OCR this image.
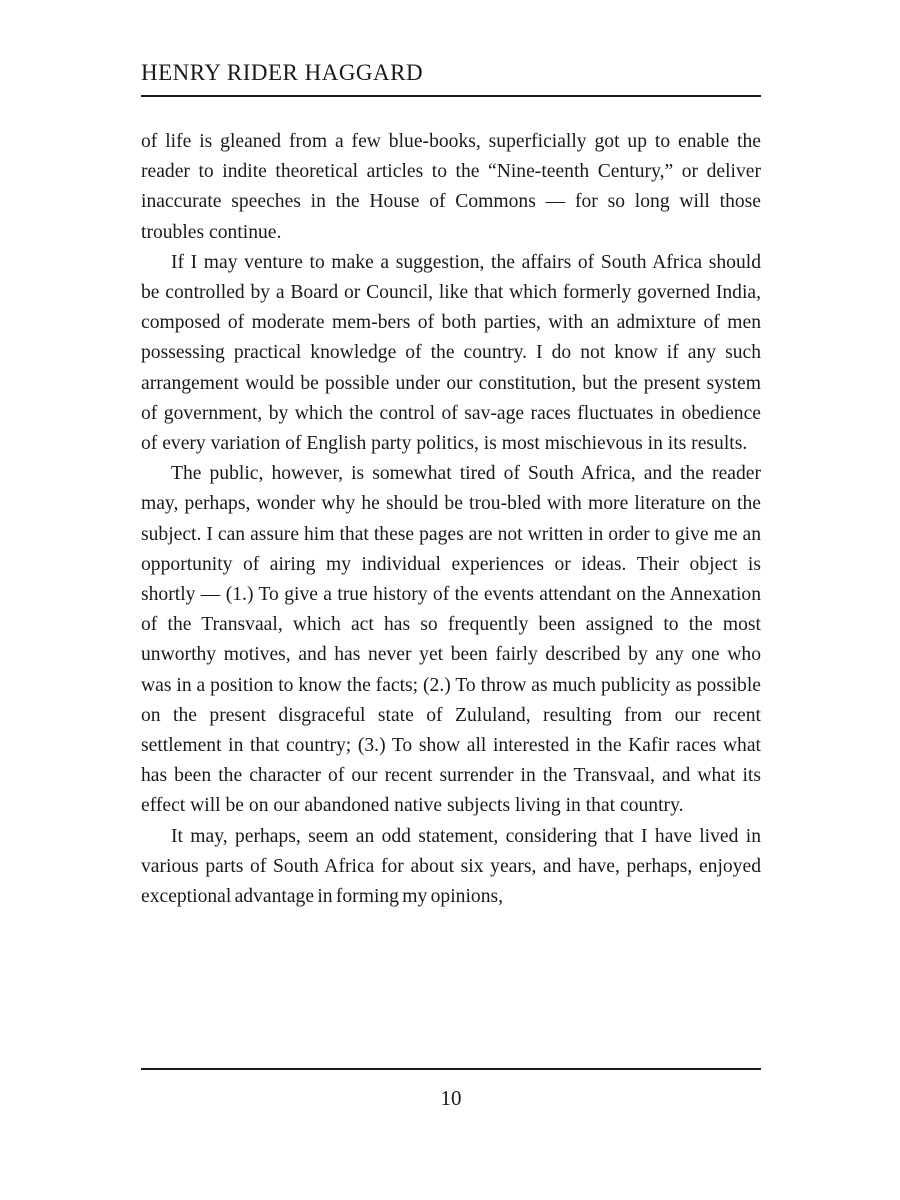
HENRY RIDER HAGGARD

of life is gleaned from a few blue-books, superficially got up to enable the reader to indite theoretical articles to the “Nine-teenth Century,” or deliver inaccurate speeches in the House of Commons — for so long will those troubles continue.

If I may venture to make a suggestion, the affairs of South Africa should be controlled by a Board or Council, like that which formerly governed India, composed of moderate mem-bers of both parties, with an admixture of men possessing practical knowledge of the country. I do not know if any such arrangement would be possible under our constitution, but the present system of government, by which the control of sav-age races fluctuates in obedience of every variation of English party politics, is most mischievous in its results.

The public, however, is somewhat tired of South Africa, and the reader may, perhaps, wonder why he should be trou-bled with more literature on the subject. I can assure him that these pages are not written in order to give me an opportunity of airing my individual experiences or ideas. Their object is shortly — (1.) To give a true history of the events attendant on the Annexation of the Transvaal, which act has so frequently been assigned to the most unworthy motives, and has never yet been fairly described by any one who was in a position to know the facts; (2.) To throw as much publicity as possible on the present disgraceful state of Zululand, resulting from our recent settlement in that country; (3.) To show all interested in the Kafir races what has been the character of our recent surrender in the Transvaal, and what its effect will be on our abandoned native subjects living in that country.

It may, perhaps, seem an odd statement, considering that I have lived in various parts of South Africa for about six years, and have, perhaps, enjoyed exceptional advantage in forming my opinions,

10
